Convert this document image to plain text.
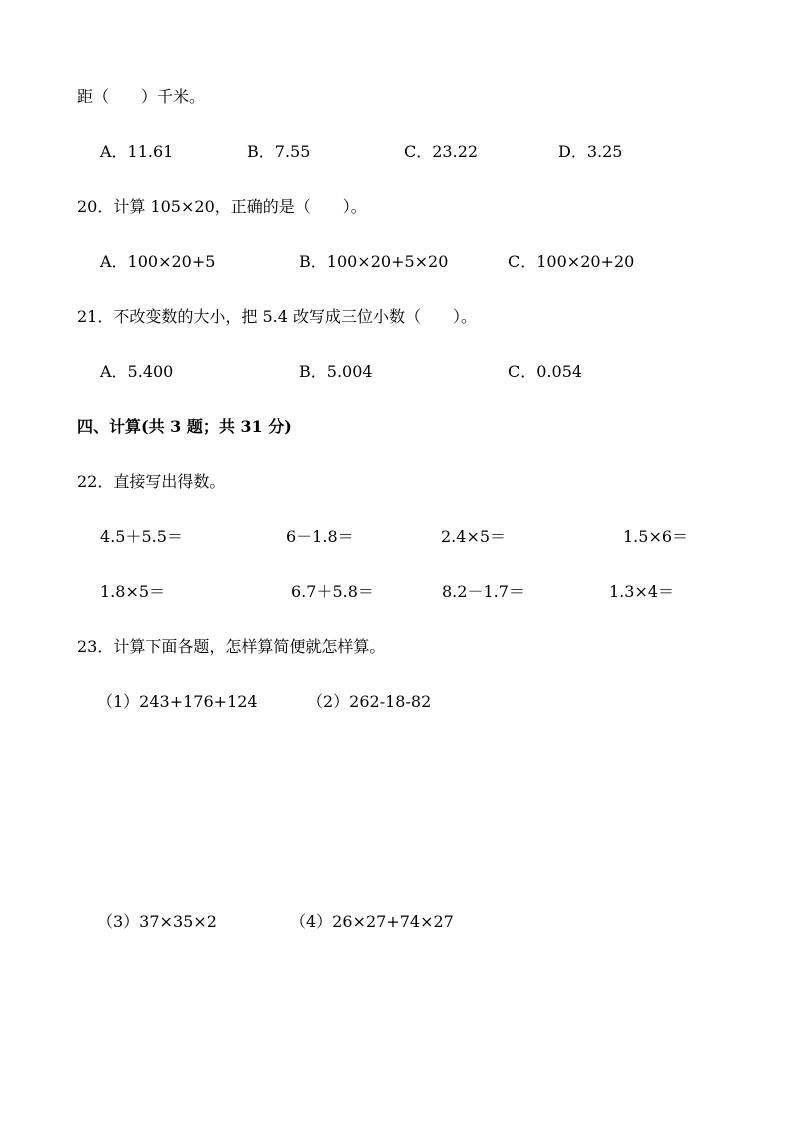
距（　　）千米。
A．11.61	B．7.55	C．23.22	D．3.25
20．计算 105×20，正确的是（　　）。
A．100×20+5	B．100×20+5×20	C．100×20+20
21．不改变数的大小，把 5.4 改写成三位小数（　　）。
A．5.400	B．5.004	C．0.054
四、计算(共 3 题；共 31 分)
22．直接写出得数。
4.5＋5.5＝	6－1.8＝	2.4×5＝	1.5×6＝
1.8×5＝	6.7＋5.8＝	8.2－1.7＝	1.3×4＝
23．计算下面各题，怎样算简便就怎样算。
（1）243+176+124	（2）262-18-82
（3）37×35×2	（4）26×27+74×27
